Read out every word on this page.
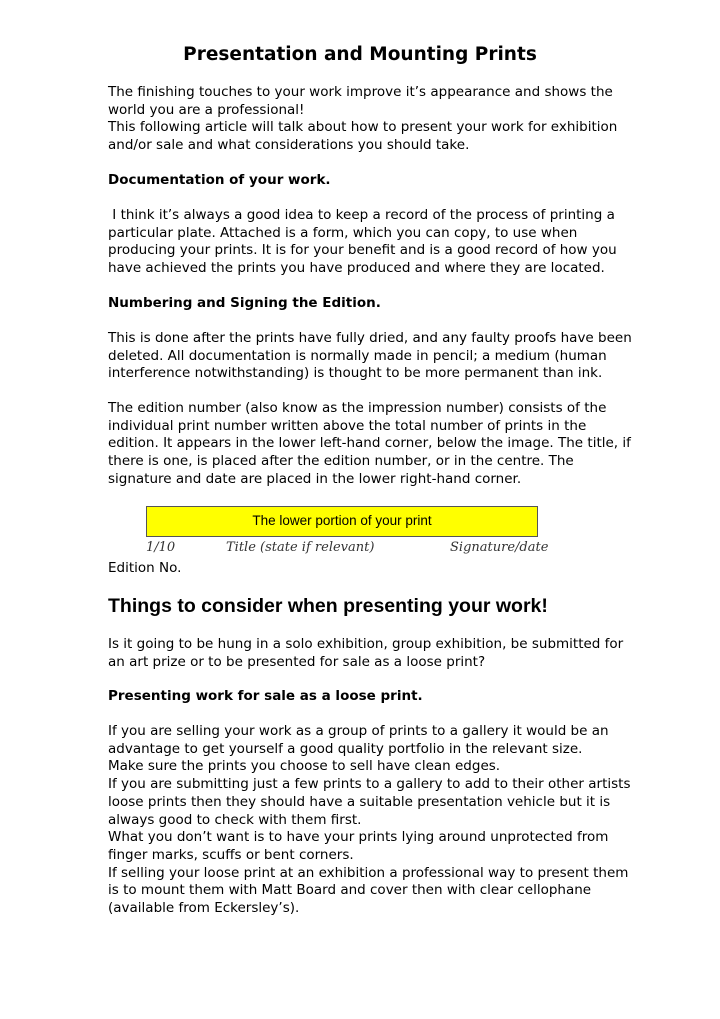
Presentation and Mounting Prints
The finishing touches to your work improve it’s appearance and shows the
world you are a professional!
This following article will talk about how to present your work for exhibition
and/or sale and what considerations you should take.
Documentation of your work.
I think it’s always a good idea to keep a record of the process of printing a
particular plate. Attached is a form, which you can copy, to use when
producing your prints. It is for your benefit and is a good record of how you
have achieved the prints you have produced and where they are located.
Numbering and Signing the Edition.
This is done after the prints have fully dried, and any faulty proofs have been
deleted. All documentation is normally made in pencil; a medium (human
interference notwithstanding) is thought to be more permanent than ink.
The edition number (also know as the impression number) consists of the
individual print number written above the total number of prints in the
edition. It appears in the lower left-hand corner, below the image. The title, if
there is one, is placed after the edition number, or in the centre. The
signature and date are placed in the lower right-hand corner.
The lower portion of your print
1/10	Title (state if relevant)	Signature/date
Edition No.
Things to consider when presenting your work!
Is it going to be hung in a solo exhibition, group exhibition, be submitted for
an art prize or to be presented for sale as a loose print?
Presenting work for sale as a loose print.
If you are selling your work as a group of prints to a gallery it would be an
advantage to get yourself a good quality portfolio in the relevant size.
Make sure the prints you choose to sell have clean edges.
If you are submitting just a few prints to a gallery to add to their other artists
loose prints then they should have a suitable presentation vehicle but it is
always good to check with them first.
What you don’t want is to have your prints lying around unprotected from
finger marks, scuffs or bent corners.
If selling your loose print at an exhibition a professional way to present them
is to mount them with Matt Board and cover then with clear cellophane
(available from Eckersley’s).
